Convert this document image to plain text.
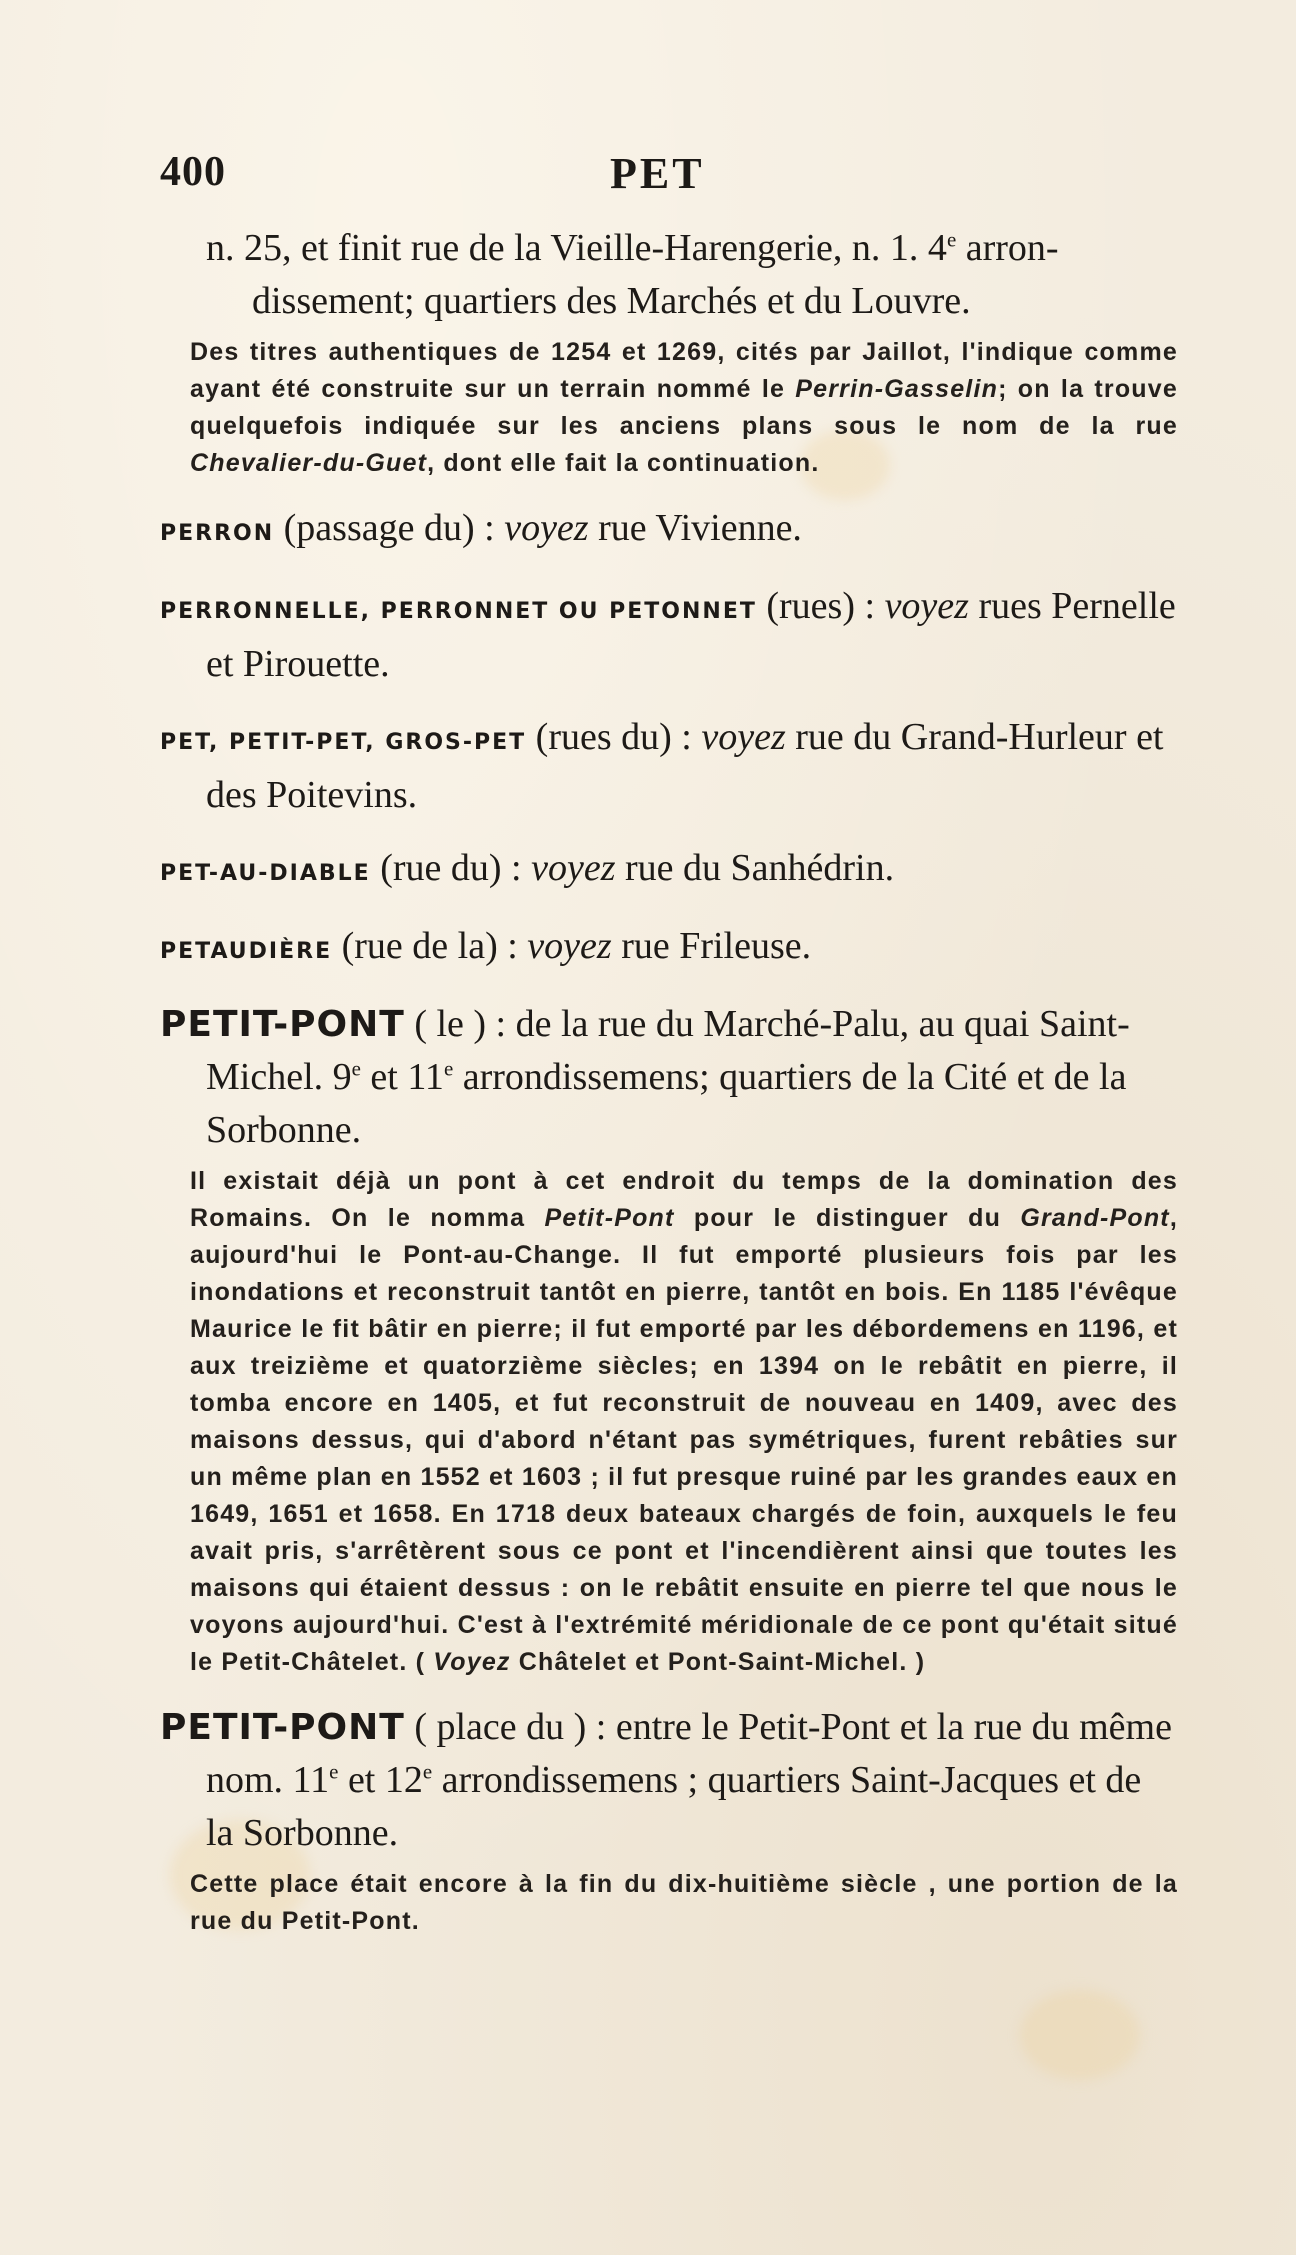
400	PET

n. 25, et finit rue de la Vieille-Harengerie, n. 1. 4e arron- dissement; quartiers des Marchés et du Louvre.

Des titres authentiques de 1254 et 1269, cités par Jaillot, l'indique comme ayant été construite sur un terrain nommé le Perrin-Gasselin; on la trouve quelquefois indiquée sur les anciens plans sous le nom de la rue Chevalier-du-Guet, dont elle fait la continuation.

PERRON (passage du) : voyez rue Vivienne.

PERRONNELLE, PERRONNET OU PETONNET (rues) : voyez rues Pernelle et Pirouette.

PET, PETIT-PET, GROS-PET (rues du) : voyez rue du Grand-Hurleur et des Poitevins.

PET-AU-DIABLE (rue du) : voyez rue du Sanhédrin.

PETAUDIÈRE (rue de la) : voyez rue Frileuse.

PETIT-PONT ( le ) : de la rue du Marché-Palu, au quai Saint-Michel. 9e et 11e arrondissemens; quartiers de la Cité et de la Sorbonne.

Il existait déjà un pont à cet endroit du temps de la domination des Romains. On le nomma Petit-Pont pour le distinguer du Grand-Pont, aujourd'hui le Pont-au-Change. Il fut emporté plusieurs fois par les inondations et reconstruit tantôt en pierre, tantôt en bois. En 1185 l'évêque Maurice le fit bâtir en pierre; il fut emporté par les débordemens en 1196, et aux treizième et quatorzième siècles; en 1394 on le rebâtit en pierre, il tomba encore en 1405, et fut reconstruit de nouveau en 1409, avec des maisons dessus, qui d'abord n'étant pas symétriques, furent rebâties sur un même plan en 1552 et 1603 ; il fut presque ruiné par les grandes eaux en 1649, 1651 et 1658. En 1718 deux bateaux chargés de foin, auxquels le feu avait pris, s'arrêtèrent sous ce pont et l'incendièrent ainsi que toutes les maisons qui étaient dessus : on le rebâtit ensuite en pierre tel que nous le voyons aujourd'hui. C'est à l'extrémité méridionale de ce pont qu'était situé le Petit-Châtelet. ( Voyez Châtelet et Pont-Saint-Michel. )

PETIT-PONT ( place du ) : entre le Petit-Pont et la rue du même nom. 11e et 12e arrondissemens ; quartiers Saint-Jacques et de la Sorbonne.

Cette place était encore à la fin du dix-huitième siècle , une portion de la rue du Petit-Pont.
